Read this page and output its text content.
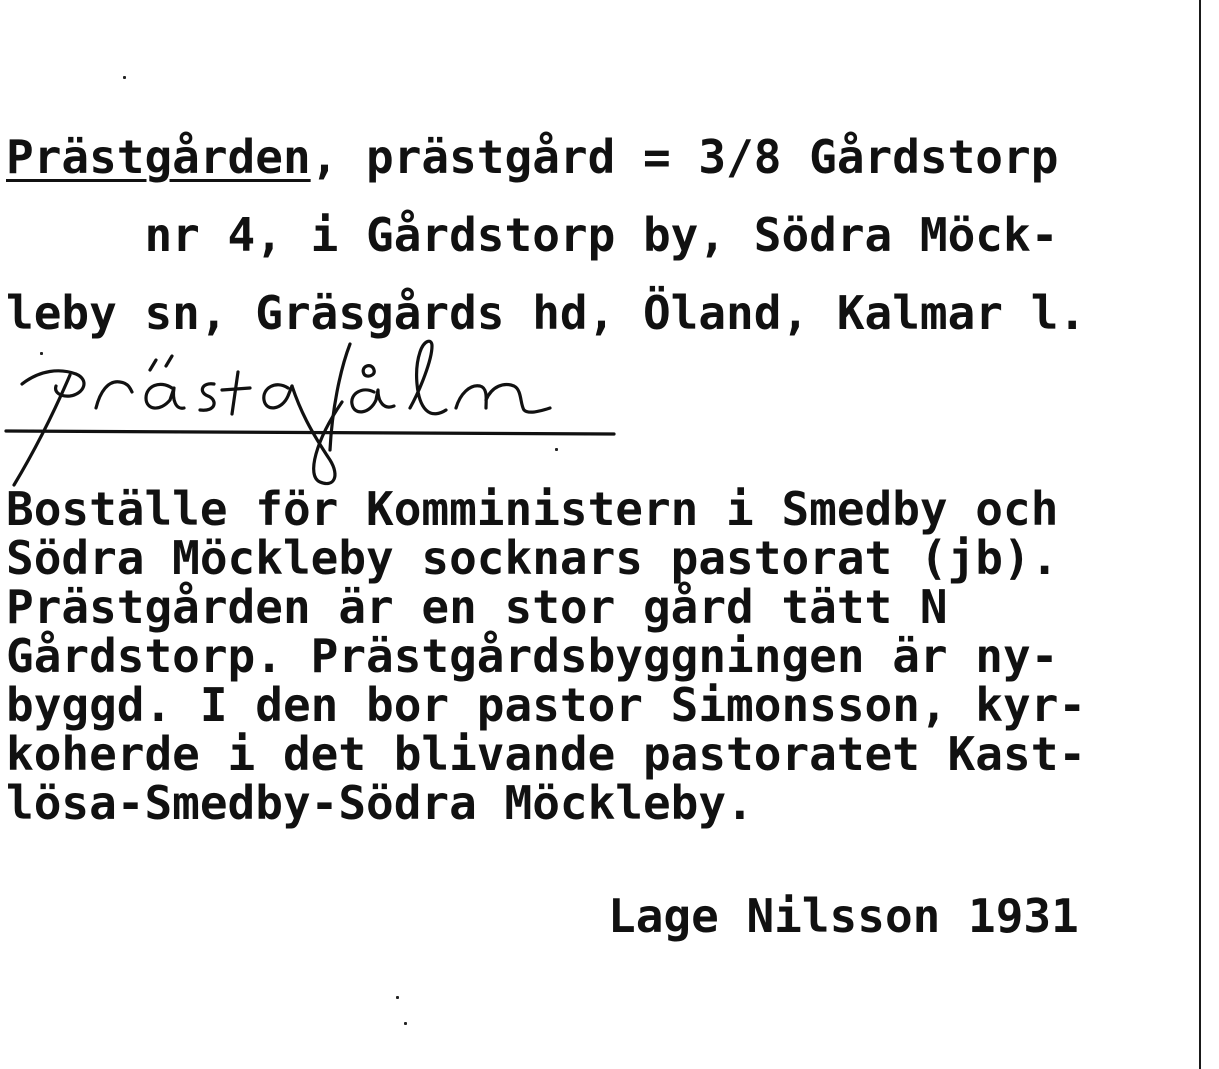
Prästgården, prästgård = 3/8 Gårdstorp

nr 4, i Gårdstorp by, Södra Möck-

leby sn, Gräsgårds hd, Öland, Kalmar l.

Boställe för Komministern i Smedby och

Södra Möckleby socknars pastorat (jb).

Prästgården är en stor gård tätt N

Gårdstorp. Prästgårdsbyggningen är ny-

byggd. I den bor pastor Simonsson, kyr-

koherde i det blivande pastoratet Kast-

lösa-Smedby-Södra Möckleby.

Lage Nilsson 1931
